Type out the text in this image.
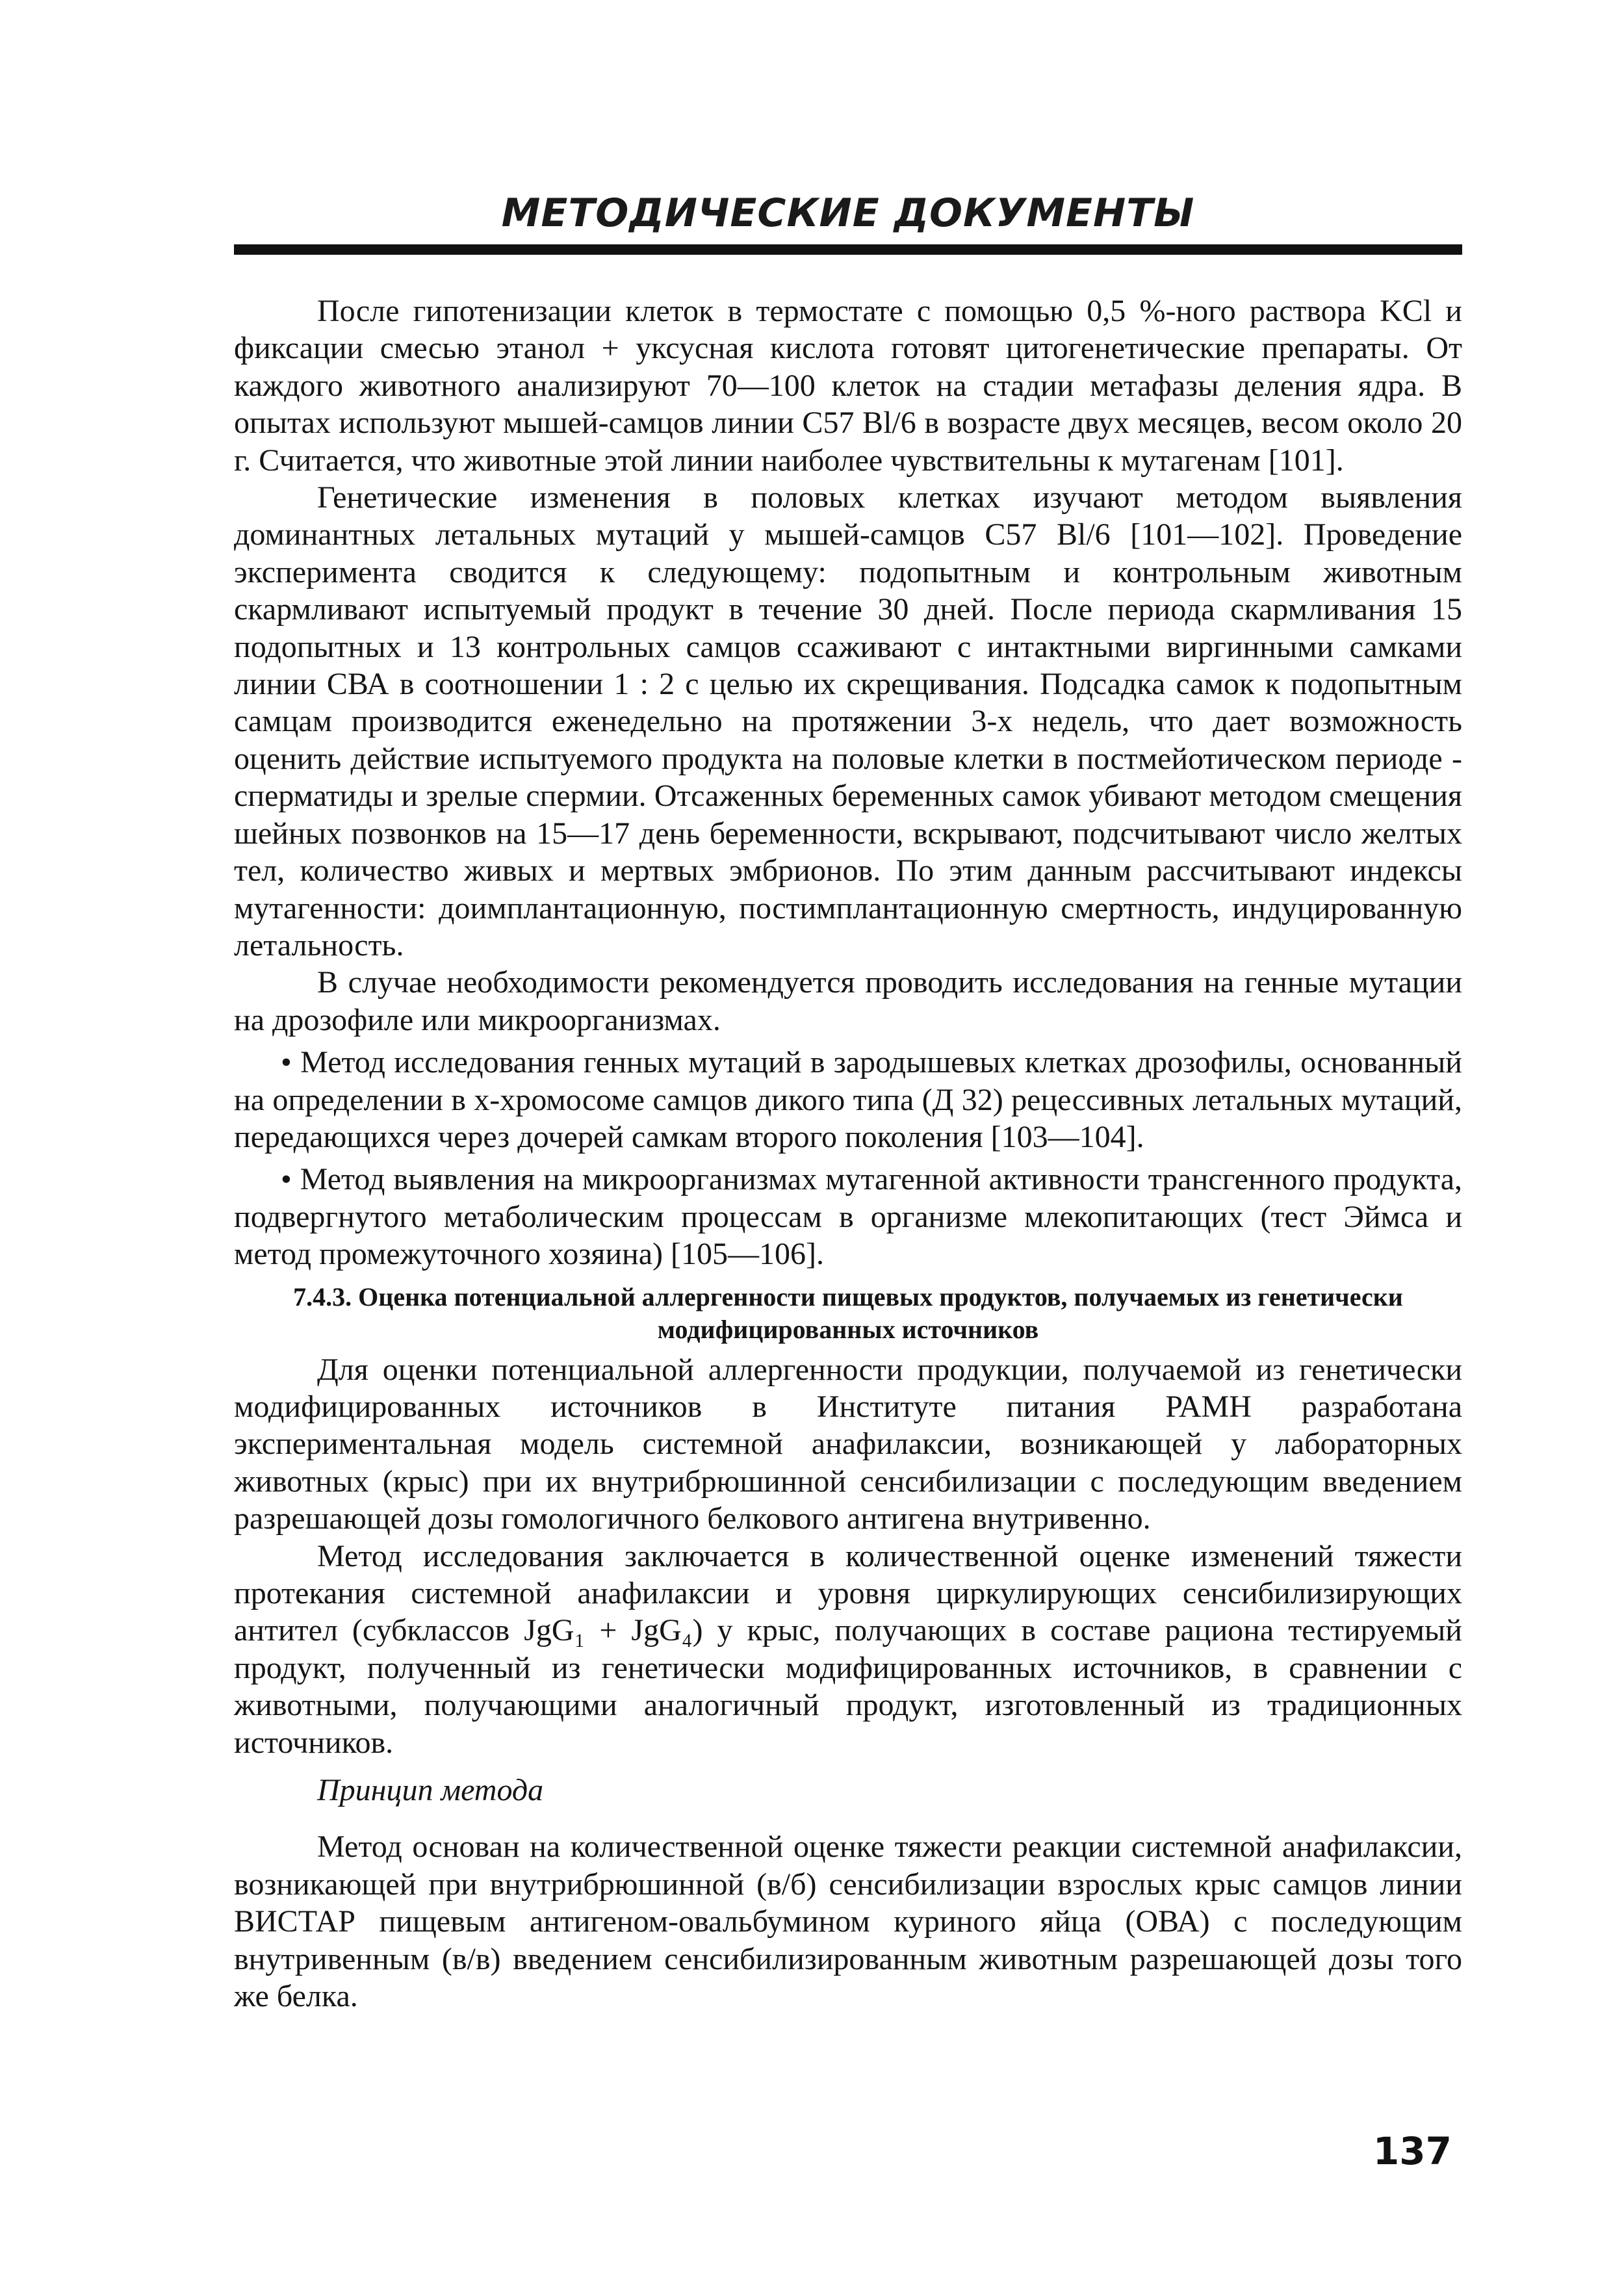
МЕТОДИЧЕСКИЕ ДОКУМЕНТЫ

После гипотенизации клеток в термостате с помощью 0,5 %-ного раствора KCl и фиксации смесью этанол + уксусная кислота готовят цитогенетические препараты. От каждого животного анализируют 70—100 клеток на стадии метафазы деления ядра. В опытах используют мышей-самцов линии С57 Bl/6 в возрасте двух месяцев, весом около 20 г. Считается, что животные этой линии наиболее чувствительны к мутагенам [101].

Генетические изменения в половых клетках изучают методом выявления доминантных летальных мутаций у мышей-самцов С57 Bl/6 [101—102]. Проведение эксперимента сводится к следующему: подопытным и контрольным животным скармливают испытуемый продукт в течение 30 дней. После периода скармливания 15 подопытных и 13 контрольных самцов ссаживают с интактными виргинными самками линии СВА в соотношении 1 : 2 с целью их скрещивания. Подсадка самок к подопытным самцам производится еженедельно на протяжении 3-х недель, что дает возможность оценить действие испытуемого продукта на половые клетки в постмейотическом периоде - сперматиды и зрелые спермии. Отсаженных беременных самок убивают методом смещения шейных позвонков на 15—17 день беременности, вскрывают, подсчитывают число желтых тел, количество живых и мертвых эмбрионов. По этим данным рассчитывают индексы мутагенности: доимплантационную, постимплантационную смертность, индуцированную летальность.

В случае необходимости рекомендуется проводить исследования на генные мутации на дрозофиле или микроорганизмах.

• Метод исследования генных мутаций в зародышевых клетках дрозофилы, основанный на определении в х-хромосоме самцов дикого типа (Д 32) рецессивных летальных мутаций, передающихся через дочерей самкам второго поколения [103—104].

• Метод выявления на микроорганизмах мутагенной активности трансгенного продукта, подвергнутого метаболическим процессам в организме млекопитающих (тест Эймса и метод промежуточного хозяина) [105—106].

7.4.3. Оценка потенциальной аллергенности пищевых продуктов, получаемых из генетически модифицированных источников

Для оценки потенциальной аллергенности продукции, получаемой из генетически модифицированных источников в Институте питания РАМН разработана экспериментальная модель системной анафилаксии, возникающей у лабораторных животных (крыс) при их внутрибрюшинной сенсибилизации с последующим введением разрешающей дозы гомологичного белкового антигена внутривенно.

Метод исследования заключается в количественной оценке изменений тяжести протекания системной анафилаксии и уровня циркулирующих сенсибилизирующих антител (субклассов JgG₁ + JgG₄) у крыс, получающих в составе рациона тестируемый продукт, полученный из генетически модифицированных источников, в сравнении с животными, получающими аналогичный продукт, изготовленный из традиционных источников.

Принцип метода

Метод основан на количественной оценке тяжести реакции системной анафилаксии, возникающей при внутрибрюшинной (в/б) сенсибилизации взрослых крыс самцов линии ВИСТАР пищевым антигеном-овальбумином куриного яйца (ОВА) с последующим внутривенным (в/в) введением сенсибилизированным животным разрешающей дозы того же белка.

137
